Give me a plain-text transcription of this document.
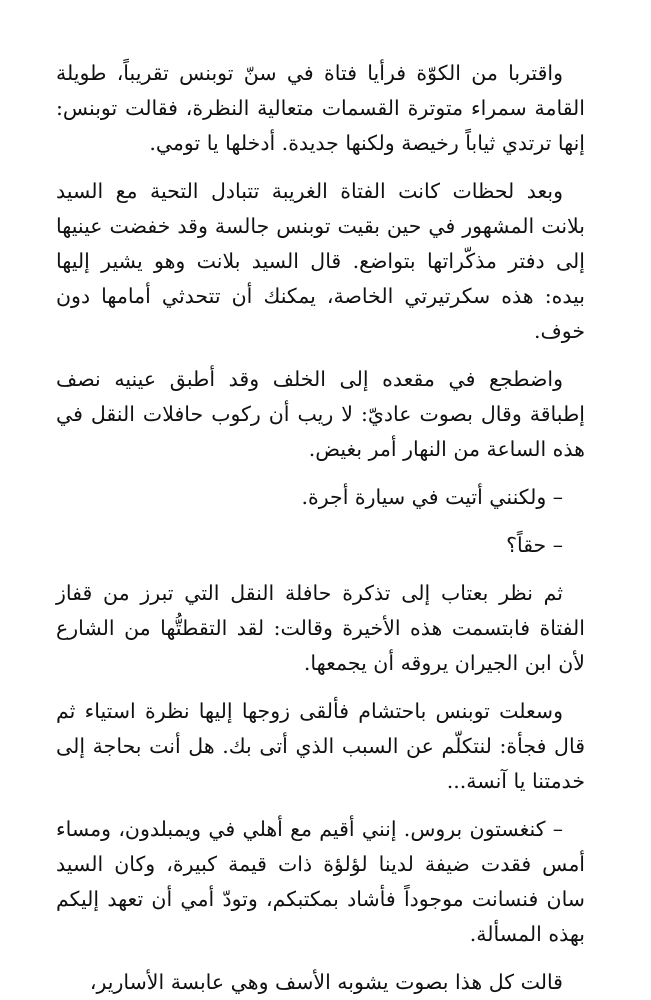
واقتربا من الكوّة فرأيا فتاة في سنّ توبنس تقريباً، طويلة القامة سمراء متوترة القسمات متعالية النظرة، فقالت توبنس: إنها ترتدي ثياباً رخيصة ولكنها جديدة. أدخلها يا تومي.

وبعد لحظات كانت الفتاة الغريبة تتبادل التحية مع السيد بلانت المشهور في حين بقيت توبنس جالسة وقد خفضت عينيها إلى دفتر مذكّراتها بتواضع. قال السيد بلانت وهو يشير إليها بيده: هذه سكرتيرتي الخاصة، يمكنك أن تتحدثي أمامها دون خوف.

واضطجع في مقعده إلى الخلف وقد أطبق عينيه نصف إطباقة وقال بصوت عاديّ: لا ريب أن ركوب حافلات النقل في هذه الساعة من النهار أمر بغيض.

– ولكنني أتيت في سيارة أجرة.

– حقاً؟

ثم نظر بعتاب إلى تذكرة حافلة النقل التي تبرز من قفاز الفتاة فابتسمت هذه الأخيرة وقالت: لقد التقطتُّها من الشارع لأن ابن الجيران يروقه أن يجمعها.

وسعلت توبنس باحتشام فألقى زوجها إليها نظرة استياء ثم قال فجأة: لنتكلّم عن السبب الذي أتى بك. هل أنت بحاجة إلى خدمتنا يا آنسة...

– كنغستون بروس. إنني أقيم مع أهلي في ويمبلدون، ومساء أمس فقدت ضيفة لدينا لؤلؤة ذات قيمة كبيرة، وكان السيد سان فنسانت موجوداً فأشاد بمكتبكم، وتودّ أمي أن تعهد إليكم بهذه المسألة.

قالت كل هذا بصوت يشوبه الأسف وهي عابسة الأسارير،
